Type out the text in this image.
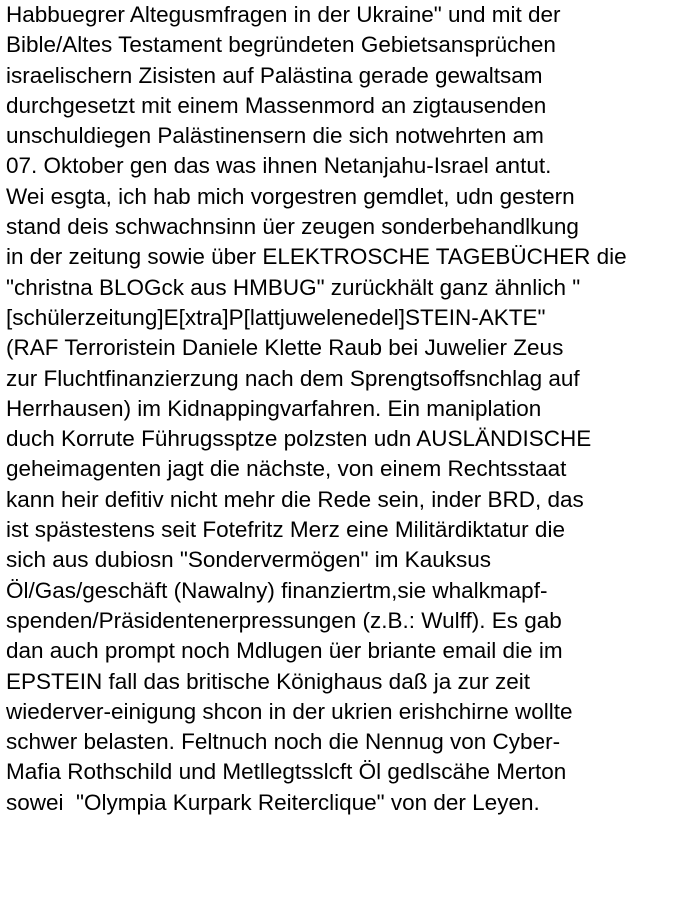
Habbuegrer Altegusmfragen in der Ukraine" und mit der
Bible/Altes Testament begründeten Gebietsansprüchen
israelischern Zisisten auf Palästina gerade gewaltsam
durchgesetzt mit einem Massenmord an zigtausenden
unschuldiegen Palästinensern die sich notwehrten am
07. Oktober gen das was ihnen Netanjahu-Israel antut.
Wei esgta, ich hab mich vorgestren gemdlet, udn gestern
stand deis schwachnsinn üer zeugen sonderbehandlkung
in der zeitung sowie über ELEKTROSCHE TAGEBÜCHER die
"christna BLOGck aus HMBUG" zurückhält ganz ähnlich "
[schülerzeitung]E[xtra]P[lattjuwelenedel]STEIN-AKTE"
(RAF Terroristein Daniele Klette Raub bei Juwelier Zeus
zur Fluchtfinanzierzung nach dem Sprengtsoffsnchlag auf
Herrhausen) im Kidnappingvarfahren. Ein maniplation
duch Korrute Führugssptze polzsten udn AUSLÄNDISCHE
geheimagenten jagt die nächste, von einem Rechtsstaat
kann heir defitiv nicht mehr die Rede sein, inder BRD, das
ist spästestens seit Fotefritz Merz eine Militärdiktatur die
sich aus dubiosn "Sondervermögen" im Kauksus
Öl/Gas/geschäft (Nawalny) finanziertm,sie whalkmapf-
spenden/Präsidentenerpressungen (z.B.: Wulff). Es gab
dan auch prompt noch Mdlugen üer briante email die im
EPSTEIN fall das britische Könighaus daß ja zur zeit
wiederver-einigung shcon in der ukrien erishchirne wollte
schwer belasten. Feltnuch noch die Nennug von Cyber-
Mafia Rothschild und Metllegtsslcft Öl gedlscähe Merton
sowei  "Olympia Kurpark Reiterclique" von der Leyen.
